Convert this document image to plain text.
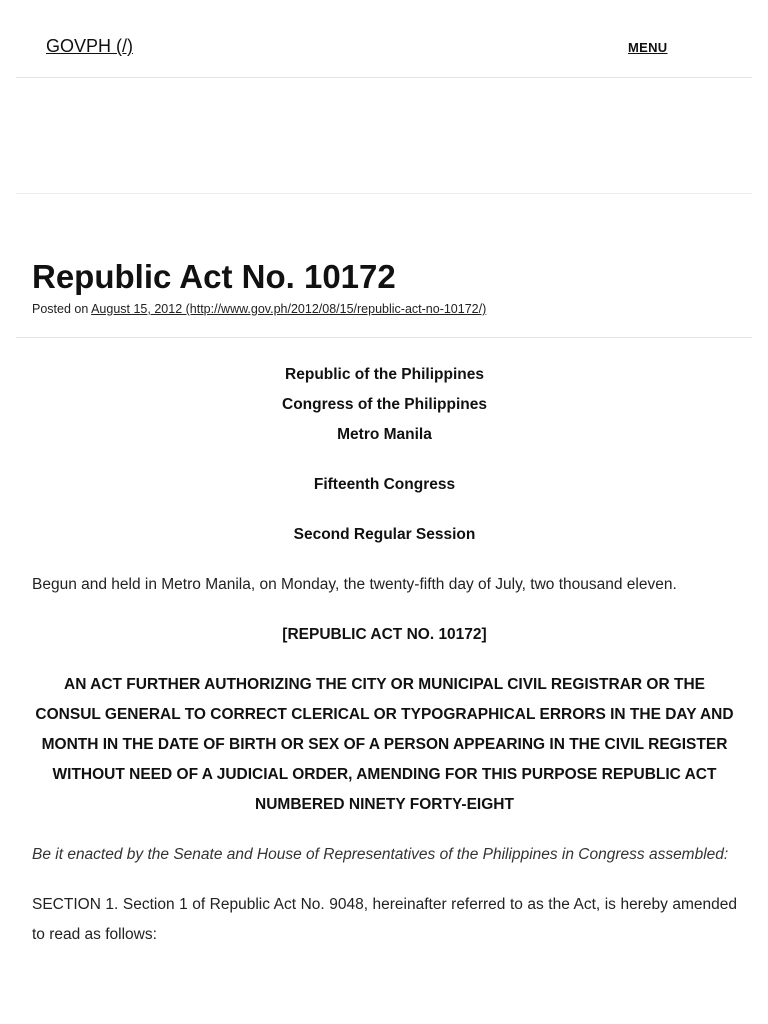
GOVPH (/)	MENU
Republic Act No. 10172
Posted on August 15, 2012 (http://www.gov.ph/2012/08/15/republic-act-no-10172/)

Republic of the Philippines

Congress of the Philippines

Metro Manila

Fifteenth Congress

Second Regular Session

Begun and held in Metro Manila, on Monday, the twenty-fifth day of July, two thousand eleven.

[REPUBLIC ACT NO. 10172]

AN ACT FURTHER AUTHORIZING THE CITY OR MUNICIPAL CIVIL REGISTRAR OR THE CONSUL GENERAL TO CORRECT CLERICAL OR TYPOGRAPHICAL ERRORS IN THE DAY AND MONTH IN THE DATE OF BIRTH OR SEX OF A PERSON APPEARING IN THE CIVIL REGISTER WITHOUT NEED OF A JUDICIAL ORDER, AMENDING FOR THIS PURPOSE REPUBLIC ACT NUMBERED NINETY FORTY-EIGHT

Be it enacted by the Senate and House of Representatives of the Philippines in Congress assembled:

SECTION 1. Section 1 of Republic Act No. 9048, hereinafter referred to as the Act, is hereby amended to read as follows:
